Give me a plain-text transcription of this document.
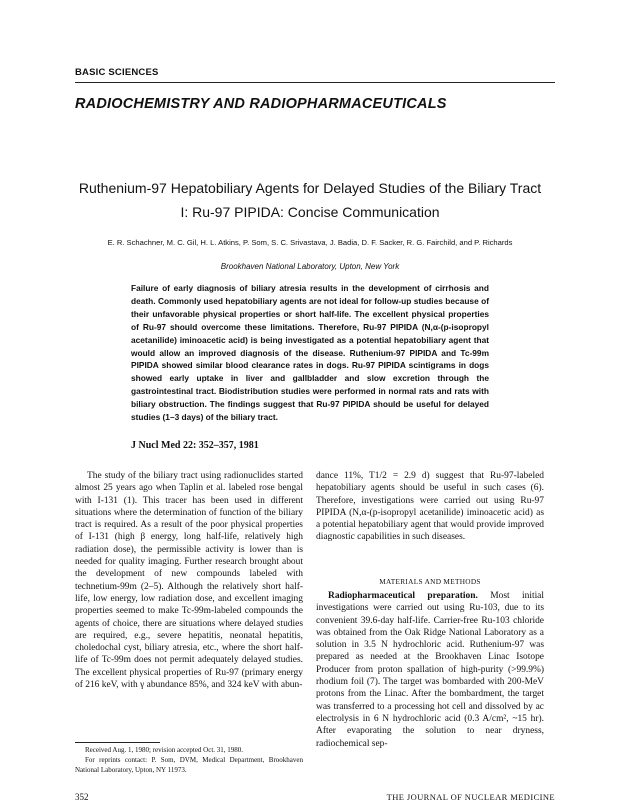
BASIC SCIENCES
RADIOCHEMISTRY AND RADIOPHARMACEUTICALS
Ruthenium-97 Hepatobiliary Agents for Delayed Studies of the Biliary Tract
I: Ru-97 PIPIDA: Concise Communication
E. R. Schachner, M. C. Gil, H. L. Atkins, P. Som, S. C. Srivastava, J. Badia, D. F. Sacker, R. G. Fairchild, and P. Richards
Brookhaven National Laboratory, Upton, New York

Failure of early diagnosis of biliary atresia results in the development of cirrhosis and death. Commonly used hepatobiliary agents are not ideal for follow-up studies because of their unfavorable physical properties or short half-life. The excellent physical properties of Ru-97 should overcome these limitations. Therefore, Ru-97 PIPIDA (N,α-(p-isopropyl acetanilide) iminoacetic acid) is being investigated as a potential hepatobiliary agent that would allow an improved diagnosis of the disease. Ruthenium-97 PIPIDA and Tc-99m PIPIDA showed similar blood clearance rates in dogs. Ru-97 PIPIDA scintigrams in dogs showed early uptake in liver and gallbladder and slow excretion through the gastrointestinal tract. Biodistribution studies were performed in normal rats and rats with biliary obstruction. The findings suggest that Ru-97 PIPIDA should be useful for delayed studies (1–3 days) of the biliary tract.

J Nucl Med 22: 352–357, 1981

The study of the biliary tract using radionuclides started almost 25 years ago when Taplin et al. labeled rose bengal with I-131 (1). This tracer has been used in different situations where the determination of function of the biliary tract is required. As a result of the poor physical properties of I-131 (high β energy, long half-life, relatively high radiation dose), the permissible activity is lower than is needed for quality imaging. Further research brought about the development of new compounds labeled with technetium-99m (2–5). Although the relatively short half-life, low energy, low radiation dose, and excellent imaging properties seemed to make Tc-99m-labeled compounds the agents of choice, there are situations where delayed studies are required, e.g., severe hepatitis, neonatal hepatitis, choledochal cyst, biliary atresia, etc., where the short half-life of Tc-99m does not permit adequately delayed studies. The excellent physical properties of Ru-97 (primary energy of 216 keV, with γ abundance 85%, and 324 keV with abun-

dance 11%, T1/2 = 2.9 d) suggest that Ru-97-labeled hepatobiliary agents should be useful in such cases (6). Therefore, investigations were carried out using Ru-97 PIPIDA (N,α-(p-isopropyl acetanilide) iminoacetic acid) as a potential hepatobiliary agent that would provide improved diagnostic capabilities in such diseases.

MATERIALS AND METHODS

Radiopharmaceutical preparation. Most initial investigations were carried out using Ru-103, due to its convenient 39.6-day half-life. Carrier-free Ru-103 chloride was obtained from the Oak Ridge National Laboratory as a solution in 3.5 N hydrochloric acid. Ruthenium-97 was prepared as needed at the Brookhaven Linac Isotope Producer from proton spallation of high-purity (>99.9%) rhodium foil (7). The target was bombarded with 200-MeV protons from the Linac. After the bombardment, the target was transferred to a processing hot cell and dissolved by ac electrolysis in 6 N hydrochloric acid (0.3 A/cm², ~15 hr). After evaporating the solution to near dryness, radiochemical sep-

Received Aug. 1, 1980; revision accepted Oct. 31, 1980.
For reprints contact: P. Som, DVM, Medical Department, Brookhaven National Laboratory, Upton, NY 11973.
352	THE JOURNAL OF NUCLEAR MEDICINE
